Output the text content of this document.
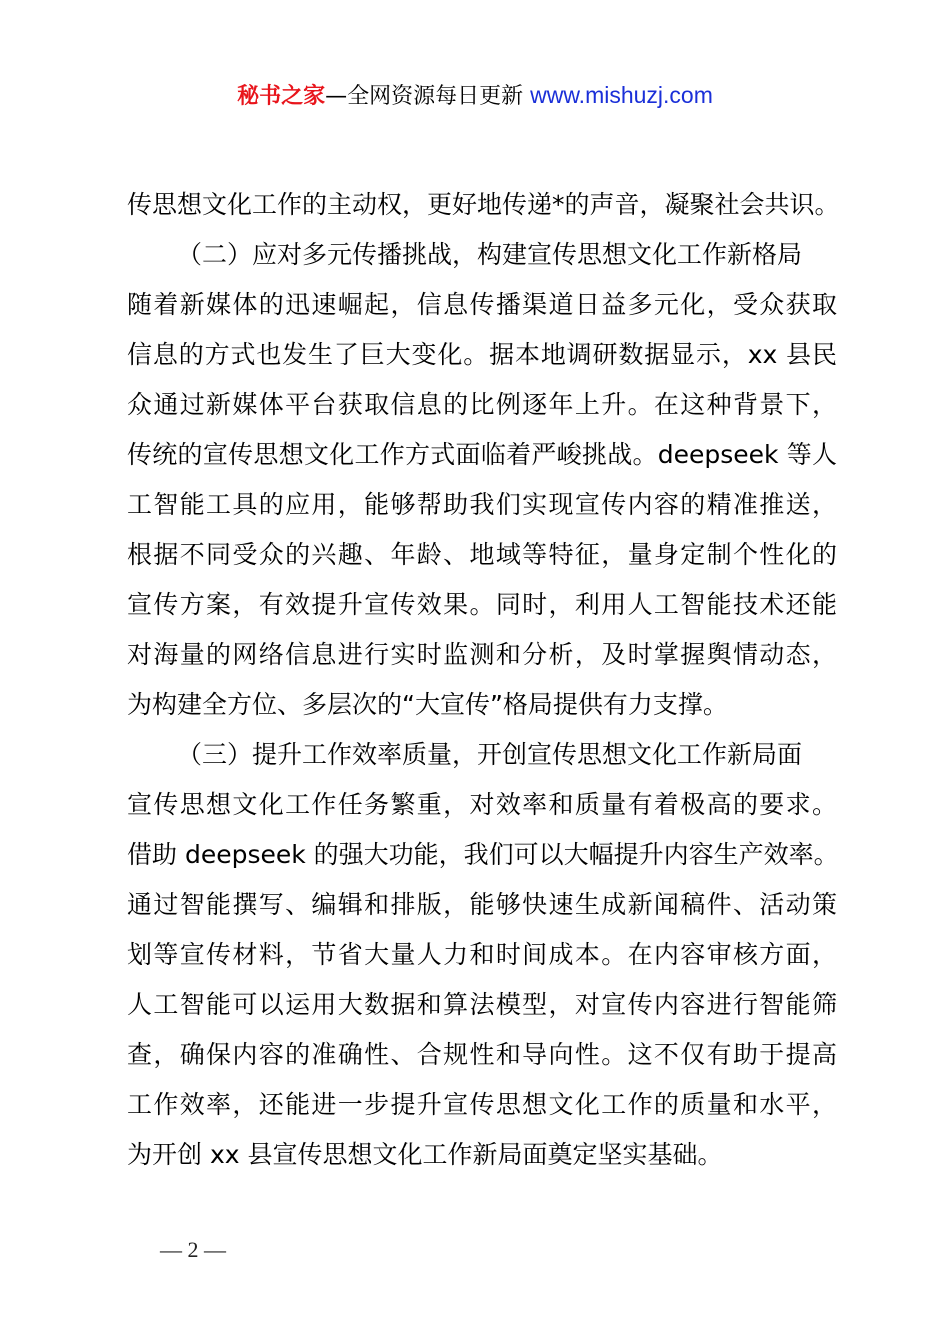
秘书之家—全网资源每日更新 www.mishuzj.com
传思想文化工作的主动权，更好地传递*的声音，凝聚社会共识。
（二）应对多元传播挑战，构建宣传思想文化工作新格局
随着新媒体的迅速崛起，信息传播渠道日益多元化，受众获取
信息的方式也发生了巨大变化。据本地调研数据显示，xx 县民
众通过新媒体平台获取信息的比例逐年上升。在这种背景下，
传统的宣传思想文化工作方式面临着严峻挑战。deepseek 等人
工智能工具的应用，能够帮助我们实现宣传内容的精准推送，
根据不同受众的兴趣、年龄、地域等特征，量身定制个性化的
宣传方案，有效提升宣传效果。同时，利用人工智能技术还能
对海量的网络信息进行实时监测和分析，及时掌握舆情动态，
为构建全方位、多层次的“大宣传”格局提供有力支撑。
（三）提升工作效率质量，开创宣传思想文化工作新局面
宣传思想文化工作任务繁重，对效率和质量有着极高的要求。
借助 deepseek 的强大功能，我们可以大幅提升内容生产效率。
通过智能撰写、编辑和排版，能够快速生成新闻稿件、活动策
划等宣传材料，节省大量人力和时间成本。在内容审核方面，
人工智能可以运用大数据和算法模型，对宣传内容进行智能筛
查，确保内容的准确性、合规性和导向性。这不仅有助于提高
工作效率，还能进一步提升宣传思想文化工作的质量和水平，
为开创 xx 县宣传思想文化工作新局面奠定坚实基础。
— 2 —
